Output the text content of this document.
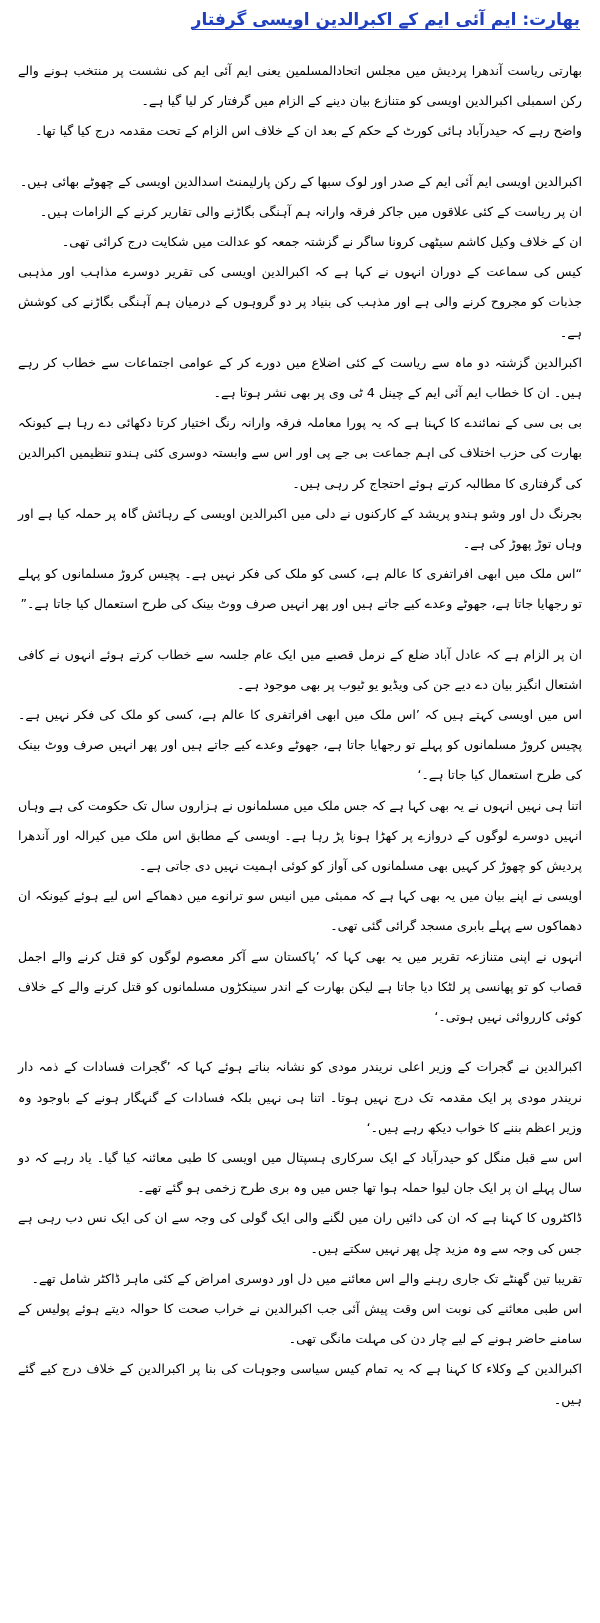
بھارت: ایم آئی ایم کے اکبرالدین اویسی گرفتار

بھارتی ریاست آندھرا پردیش میں مجلس اتحادالمسلمین یعنی ایم آئی ایم کی نشست پر منتخب ہونے والے رکن اسمبلی اکبرالدین اویسی کو متنازع بیان دینے کے الزام میں گرفتار کر لیا گیا ہے۔

واضح رہے کہ حیدرآباد ہائی کورٹ کے حکم کے بعد ان کے خلاف اس الزام کے تحت مقدمہ درج کیا گیا تھا۔

اکبرالدین اویسی ایم آئی ایم کے صدر اور لوک سبھا کے رکن پارلیمنٹ اسدالدین اویسی کے چھوٹے بھائی ہیں۔

ان پر ریاست کے کئی علاقوں میں جاکر فرقہ وارانہ ہم آہنگی بگاڑنے والی تقاریر کرنے کے الزامات ہیں۔

ان کے خلاف وکیل کاشم سیٹھی کرونا ساگر نے گزشتہ جمعہ کو عدالت میں شکایت درج کرائی تھی۔

کیس کی سماعت کے دوران انہوں نے کہا ہے کہ اکبرالدین اویسی کی تقریر دوسرے مذاہب اور مذہبی جذبات کو مجروح کرنے والی ہے اور مذہب کی بنیاد پر دو گروہوں کے درمیان ہم آہنگی بگاڑنے کی کوشش ہے۔

اکبرالدین گزشتہ دو ماہ سے ریاست کے کئی اضلاع میں دورے کر کے عوامی اجتماعات سے خطاب کر رہے ہیں۔ ان کا خطاب ایم آئی ایم کے چینل 4 ٹی وی پر بھی نشر ہوتا ہے۔

بی بی سی کے نمائندے کا کہنا ہے کہ یہ پورا معاملہ فرقہ وارانہ رنگ اختیار کرتا دکھائی دے رہا ہے کیونکہ بھارت کی حزب اختلاف کی اہم جماعت بی جے پی اور اس سے وابستہ دوسری کئی ہندو تنظیمیں اکبرالدین کی گرفتاری کا مطالبہ کرتے ہوئے احتجاج کر رہی ہیں۔

بجرنگ دل اور وشو ہندو پریشد کے کارکنوں نے دلی میں اکبرالدین اویسی کے رہائش گاہ پر حملہ کیا ہے اور وہاں توڑ پھوڑ کی ہے۔

“اس ملک میں ابھی افراتفری کا عالم ہے، کسی کو ملک کی فکر نہیں ہے۔ پچیس کروڑ مسلمانوں کو پہلے تو رجھایا جاتا ہے، جھوٹے وعدے کیے جاتے ہیں اور پھر انہیں صرف ووٹ بینک کی طرح استعمال کیا جاتا ہے۔”

ان پر الزام ہے کہ عادل آباد ضلع کے نرمل قصبے میں ایک عام جلسہ سے خطاب کرتے ہوئے انہوں نے کافی اشتعال انگیز بیان دے دیے جن کی ویڈیو یو ٹیوب پر بھی موجود ہے۔

اس میں اویسی کہتے ہیں کہ ’اس ملک میں ابھی افراتفری کا عالم ہے، کسی کو ملک کی فکر نہیں ہے۔ پچیس کروڑ مسلمانوں کو پہلے تو رجھایا جاتا ہے، جھوٹے وعدے کیے جاتے ہیں اور پھر انہیں صرف ووٹ بینک کی طرح استعمال کیا جاتا ہے۔‘

اتنا ہی نہیں انہوں نے یہ بھی کہا ہے کہ جس ملک میں مسلمانوں نے ہزاروں سال تک حکومت کی ہے وہاں انہیں دوسرے لوگوں کے دروازے پر کھڑا ہونا پڑ رہا ہے۔ اویسی کے مطابق اس ملک میں کیرالہ اور آندھرا پردیش کو چھوڑ کر کہیں بھی مسلمانوں کی آواز کو کوئی اہمیت نہیں دی جاتی ہے۔

اویسی نے اپنے بیان میں یہ بھی کہا ہے کہ ممبئی میں انیس سو ترانوے میں دھماکے اس لیے ہوئے کیونکہ ان دھماکوں سے پہلے بابری مسجد گرائی گئی تھی۔

انہوں نے اپنی متنازعہ تقریر میں یہ بھی کہا کہ ’پاکستان سے آکر معصوم لوگوں کو قتل کرنے والے اجمل قصاب کو تو پھانسی پر لٹکا دیا جاتا ہے لیکن بھارت کے اندر سینکڑوں مسلمانوں کو قتل کرنے والے کے خلاف کوئی کارروائی نہیں ہوتی۔‘

اکبرالدین نے گجرات کے وزیر اعلی نریندر مودی کو نشانہ بناتے ہوئے کہا کہ ’گجرات فسادات کے ذمہ دار نریندر مودی پر ایک مقدمہ تک درج نہیں ہوتا۔ اتنا ہی نہیں بلکہ فسادات کے گنہگار ہونے کے باوجود وہ وزیر اعظم بننے کا خواب دیکھ رہے ہیں۔‘

اس سے قبل منگل کو حیدرآباد کے ایک سرکاری ہسپتال میں اویسی کا طبی معائنہ کیا گیا۔ یاد رہے کہ دو سال پہلے ان پر ایک جان لیوا حملہ ہوا تھا جس میں وہ بری طرح زخمی ہو گئے تھے۔

ڈاکٹروں کا کہنا ہے کہ ان کی دائیں ران میں لگنے والی ایک گولی کی وجہ سے ان کی ایک نس دب رہی ہے جس کی وجہ سے وہ مزید چل پھر نہیں سکتے ہیں۔

تقریبا تین گھنٹے تک جاری رہنے والے اس معائنے میں دل اور دوسری امراض کے کئی ماہر ڈاکٹر شامل تھے۔

اس طبی معائنے کی نوبت اس وقت پیش آئی جب اکبرالدین نے خراب صحت کا حوالہ دیتے ہوئے پولیس کے سامنے حاضر ہونے کے لیے چار دن کی مہلت مانگی تھی۔

اکبرالدین کے وکلاء کا کہنا ہے کہ یہ تمام کیس سیاسی وجوہات کی بنا پر اکبرالدین کے خلاف درج کیے گئے ہیں۔
